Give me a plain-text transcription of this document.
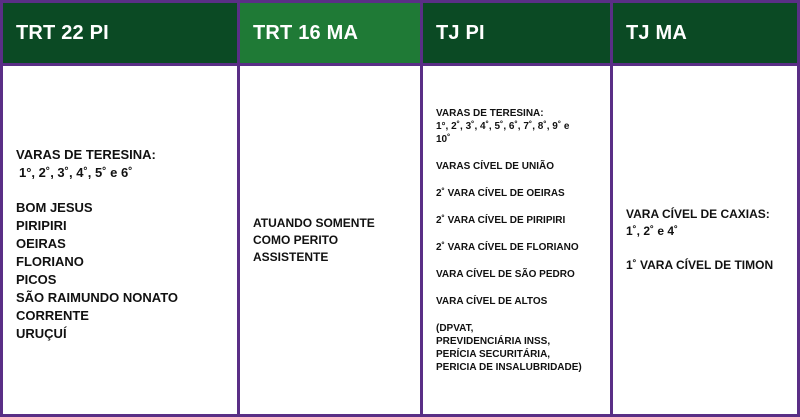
TRT 22 PI
VARAS DE TERESINA:
1°, 2˚, 3˚, 4˚, 5˚ e 6˚
BOM JESUS
PIRIPIRI
OEIRAS
FLORIANO
PICOS
SÃO RAIMUNDO NONATO
CORRENTE
URUÇUÍ
TRT 16 MA
ATUANDO SOMENTE
COMO PERITO
ASSISTENTE
TJ PI
VARAS DE TERESINA:
1°, 2˚, 3˚, 4˚, 5˚, 6˚, 7˚, 8˚, 9˚ e
10˚
VARAS CÍVEL DE UNIÃO
2˚ VARA CÍVEL DE OEIRAS
2˚ VARA CÍVEL DE PIRIPIRI
2˚ VARA CÍVEL DE FLORIANO
VARA CÍVEL DE SÃO PEDRO
VARA CÍVEL DE ALTOS
(DPVAT,
PREVIDENCIÁRIA INSS,
PERÍCIA SECURITÁRIA,
PERICIA DE INSALUBRIDADE)
TJ MA
VARA CÍVEL DE CAXIAS:
1˚, 2˚ e 4˚
1˚ VARA CÍVEL DE TIMON
